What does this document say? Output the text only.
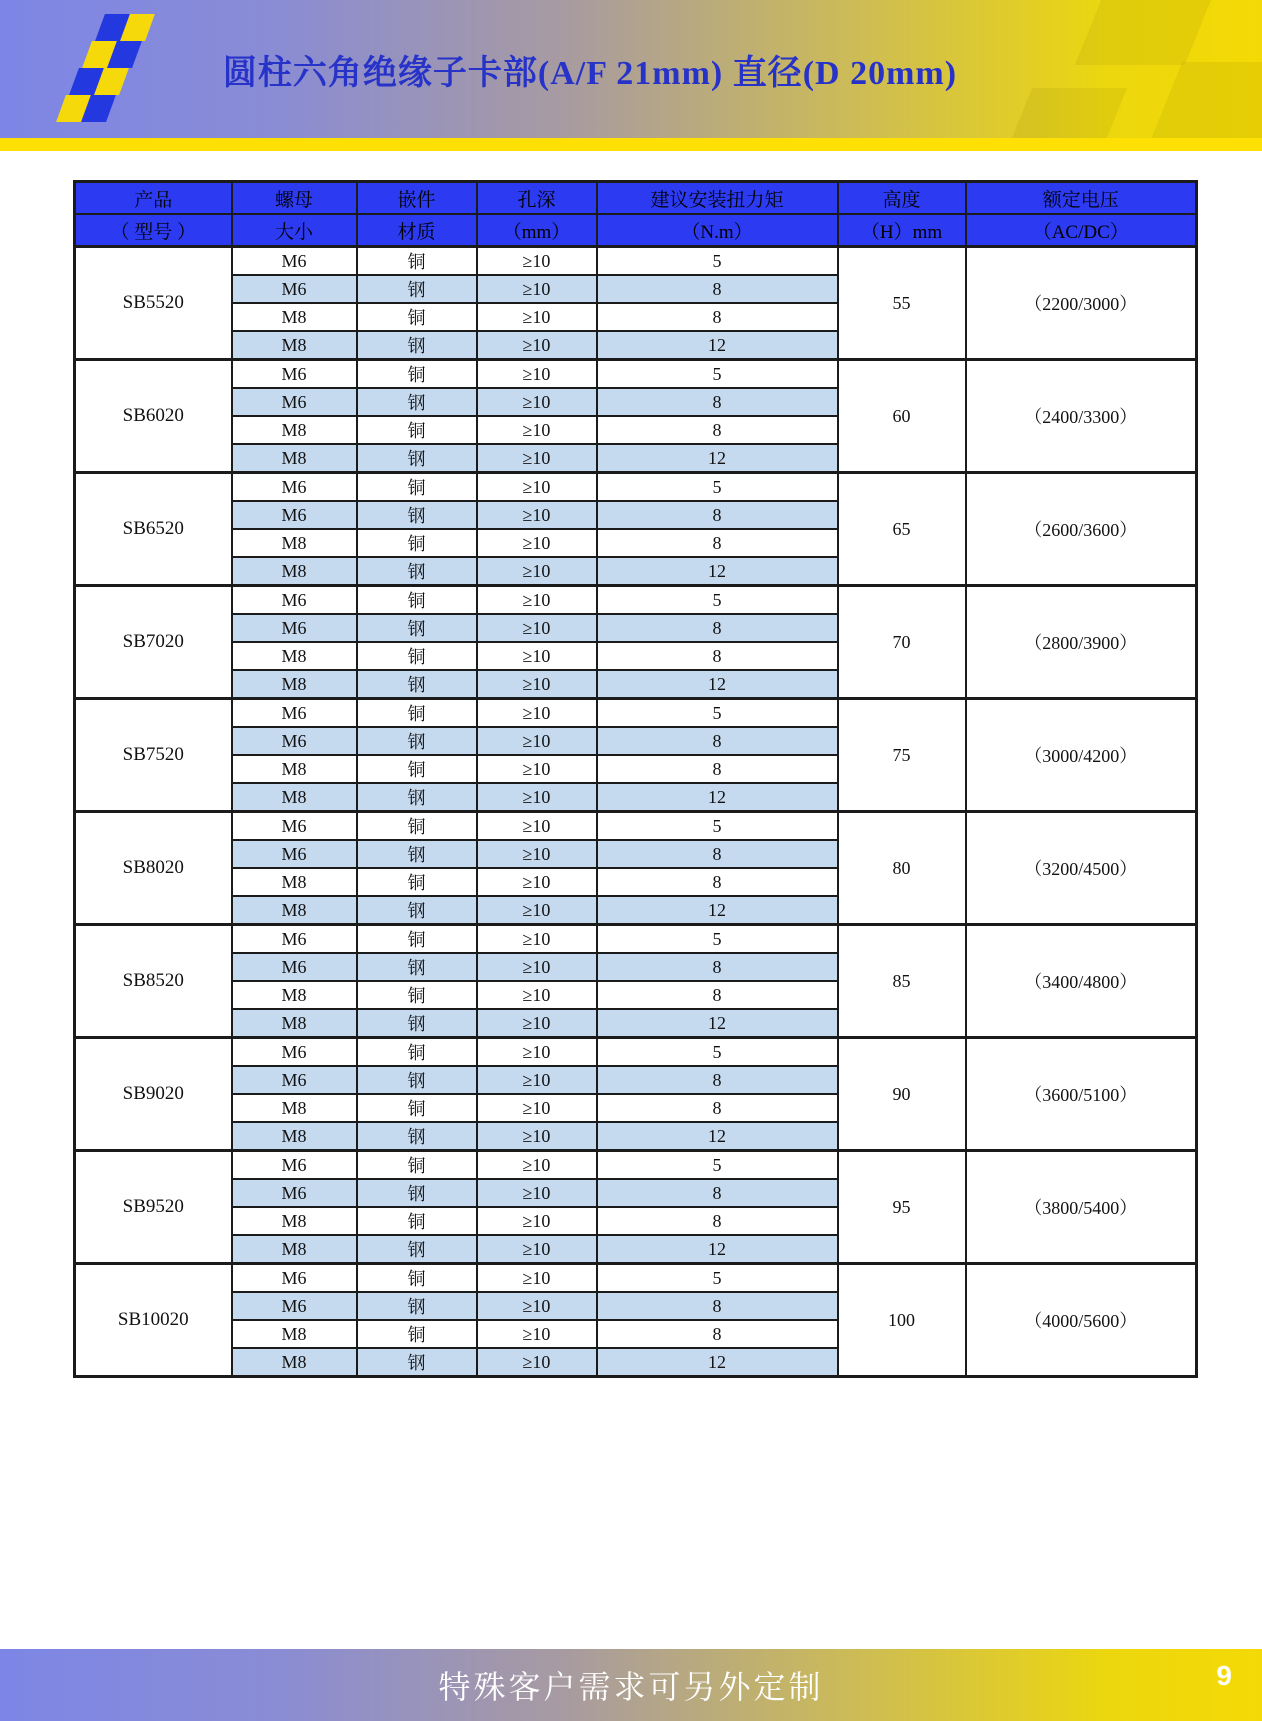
圆柱六角绝缘子卡部(A/F 21mm) 直径(D 20mm)
产品	螺母	嵌件	孔深	建议安装扭力矩	高度	额定电压
（ 型号 ）	大小	材质	（mm）	（N.m）	（H）mm	（AC/DC）
SB5520	M6	铜	≥10	5	55	（2200/3000）
	M6	钢	≥10	8		
	M8	铜	≥10	8		
	M8	钢	≥10	12		
SB6020	M6	铜	≥10	5	60	（2400/3300）
	M6	钢	≥10	8		
	M8	铜	≥10	8		
	M8	钢	≥10	12		
SB6520	M6	铜	≥10	5	65	（2600/3600）
	M6	钢	≥10	8		
	M8	铜	≥10	8		
	M8	钢	≥10	12		
SB7020	M6	铜	≥10	5	70	（2800/3900）
	M6	钢	≥10	8		
	M8	铜	≥10	8		
	M8	钢	≥10	12		
SB7520	M6	铜	≥10	5	75	（3000/4200）
	M6	钢	≥10	8		
	M8	铜	≥10	8		
	M8	钢	≥10	12		
SB8020	M6	铜	≥10	5	80	（3200/4500）
	M6	钢	≥10	8		
	M8	铜	≥10	8		
	M8	钢	≥10	12		
SB8520	M6	铜	≥10	5	85	（3400/4800）
	M6	钢	≥10	8		
	M8	铜	≥10	8		
	M8	钢	≥10	12		
SB9020	M6	铜	≥10	5	90	（3600/5100）
	M6	钢	≥10	8		
	M8	铜	≥10	8		
	M8	钢	≥10	12		
SB9520	M6	铜	≥10	5	95	（3800/5400）
	M6	钢	≥10	8		
	M8	铜	≥10	8		
	M8	钢	≥10	12		
SB10020	M6	铜	≥10	5	100	（4000/5600）
	M6	钢	≥10	8		
	M8	铜	≥10	8		
	M8	钢	≥10	12		
特殊客户需求可另外定制	9
